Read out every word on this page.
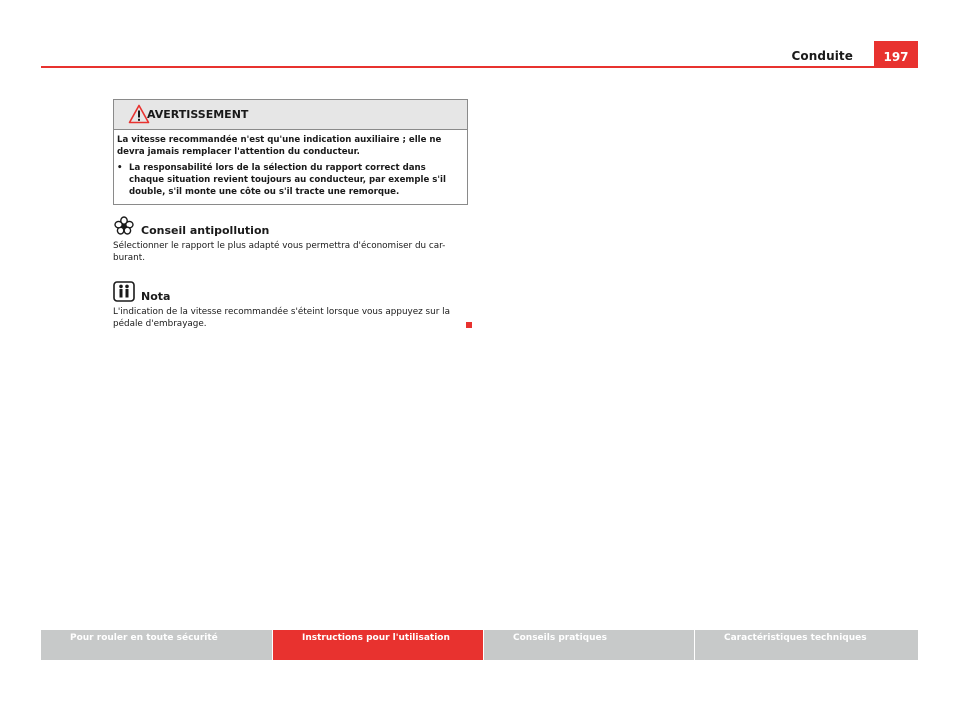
Conduite	197
AVERTISSEMENT

La vitesse recommandée n'est qu'une indication auxiliaire ; elle ne devra jamais remplacer l'attention du conducteur.

• La responsabilité lors de la sélection du rapport correct dans chaque situation revient toujours au conducteur, par exemple s'il double, s'il monte une côte ou s'il tracte une remorque.
Conseil antipollution
Sélectionner le rapport le plus adapté vous permettra d'économiser du car-burant.
Nota
L'indication de la vitesse recommandée s'éteint lorsque vous appuyez sur la pédale d'embrayage.
Pour rouler en toute sécurité	Instructions pour l'utilisation	Conseils pratiques	Caractéristiques techniques
